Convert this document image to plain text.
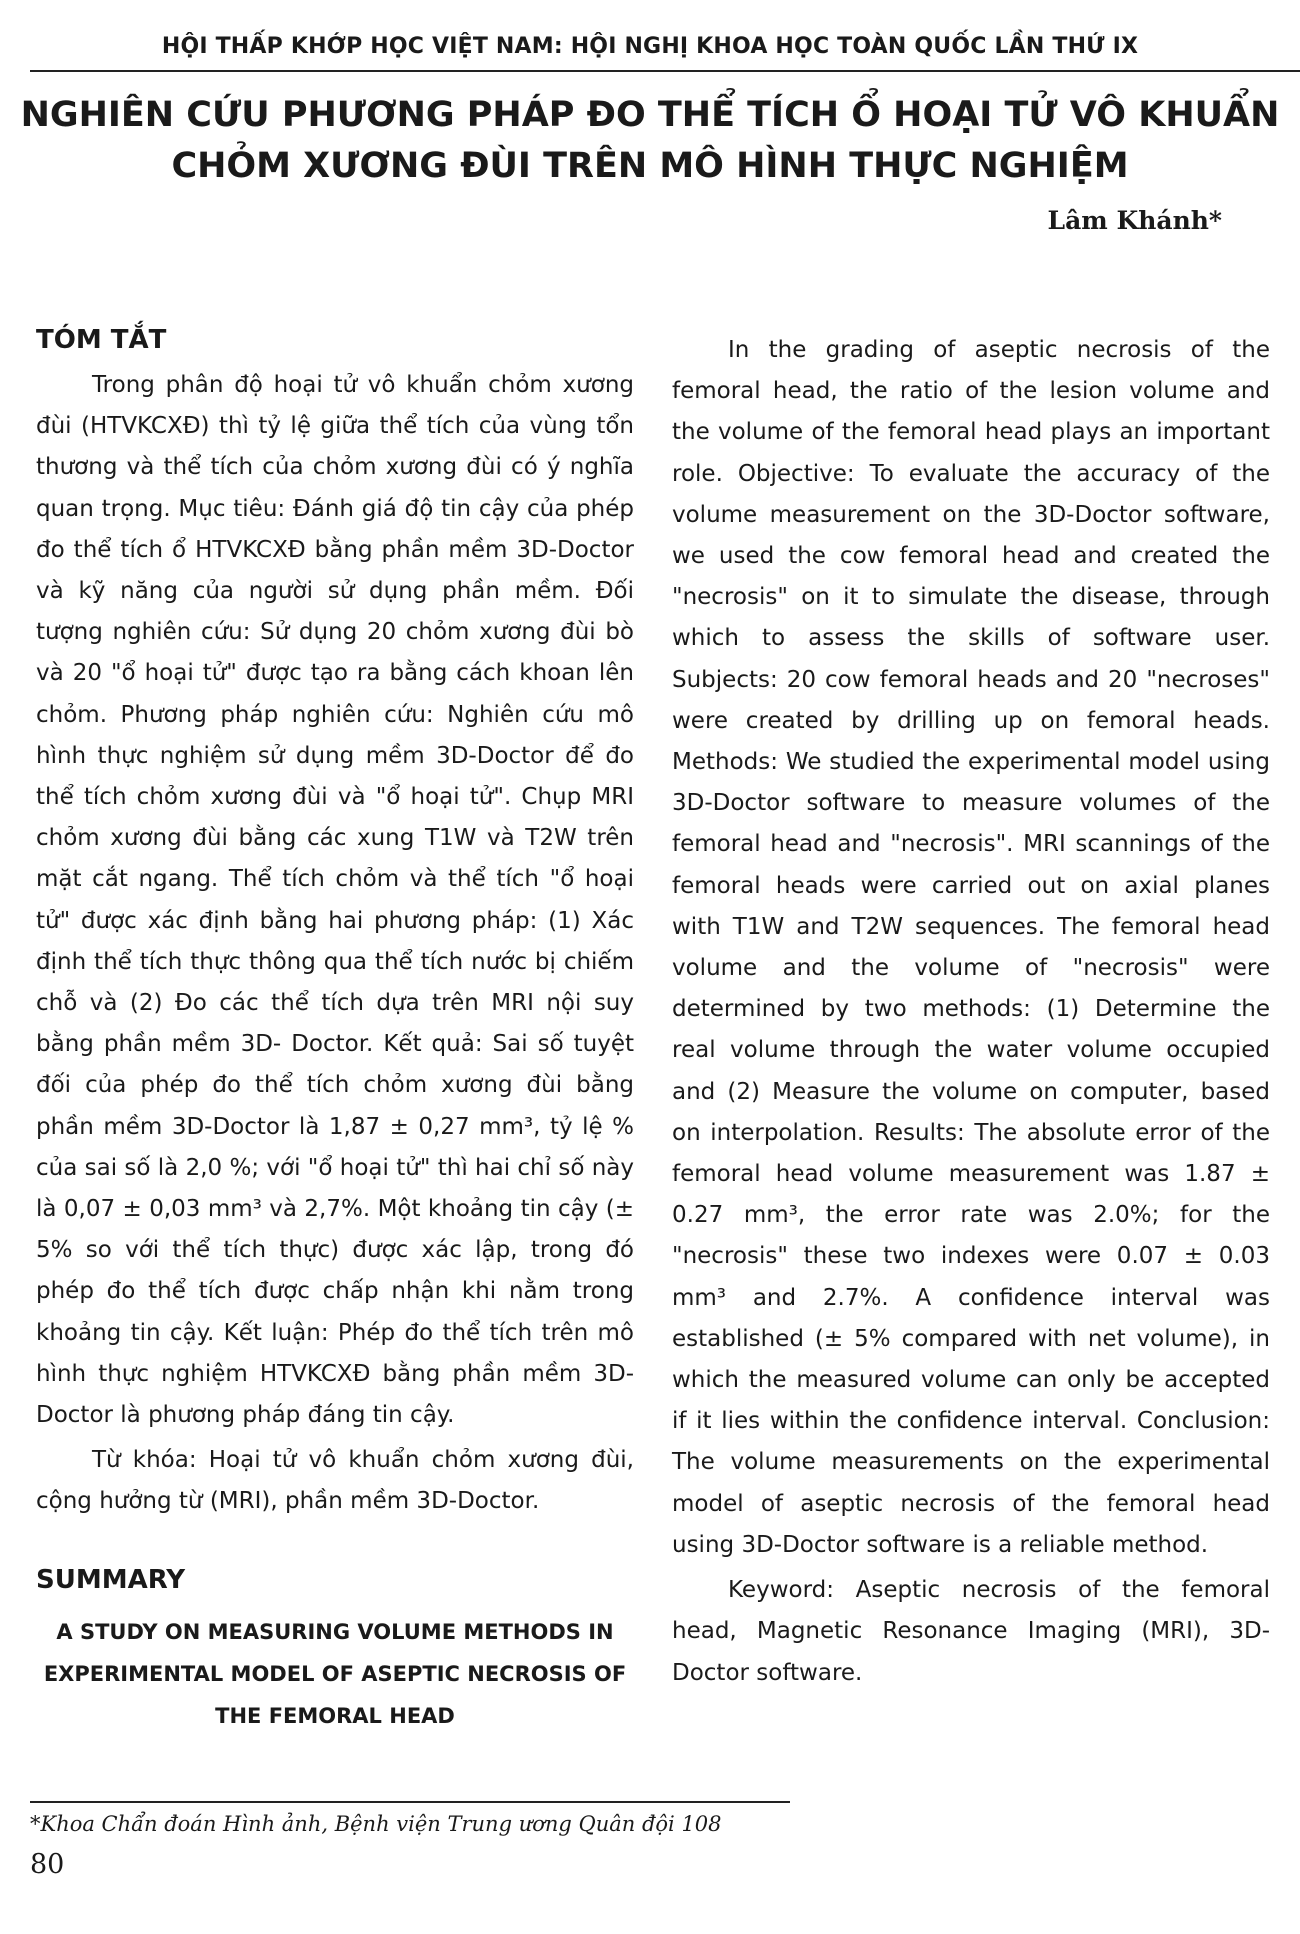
HỘI THẤP KHỚP HỌC VIỆT NAM: HỘI NGHỊ KHOA HỌC TOÀN QUỐC LẦN THỨ IX
NGHIÊN CỨU PHƯƠNG PHÁP ĐO THỂ TÍCH Ổ HOẠI TỬ VÔ KHUẨN
CHỎM XƯƠNG ĐÙI TRÊN MÔ HÌNH THỰC NGHIỆM
Lâm Khánh*
TÓM TẮT

Trong phân độ hoại tử vô khuẩn chỏm xương đùi (HTVKCXĐ) thì tỷ lệ giữa thể tích của vùng tổn thương và thể tích của chỏm xương đùi có ý nghĩa quan trọng. Mục tiêu: Đánh giá độ tin cậy của phép đo thể tích ổ HTVKCXĐ bằng phần mềm 3D-Doctor và kỹ năng của người sử dụng phần mềm. Đối tượng nghiên cứu: Sử dụng 20 chỏm xương đùi bò và 20 "ổ hoại tử" được tạo ra bằng cách khoan lên chỏm. Phương pháp nghiên cứu: Nghiên cứu mô hình thực nghiệm sử dụng mềm 3D-Doctor để đo thể tích chỏm xương đùi và "ổ hoại tử". Chụp MRI chỏm xương đùi bằng các xung T1W và T2W trên mặt cắt ngang. Thể tích chỏm và thể tích "ổ hoại tử" được xác định bằng hai phương pháp: (1) Xác định thể tích thực thông qua thể tích nước bị chiếm chỗ và (2) Đo các thể tích dựa trên MRI nội suy bằng phần mềm 3D- Doctor. Kết quả: Sai số tuyệt đối của phép đo thể tích chỏm xương đùi bằng phần mềm 3D-Doctor là 1,87 ± 0,27 mm³, tỷ lệ % của sai số là 2,0 %; với "ổ hoại tử" thì hai chỉ số này là 0,07 ± 0,03 mm³ và 2,7%. Một khoảng tin cậy (± 5% so với thể tích thực) được xác lập, trong đó phép đo thể tích được chấp nhận khi nằm trong khoảng tin cậy. Kết luận: Phép đo thể tích trên mô hình thực nghiệm HTVKCXĐ bằng phần mềm 3D-Doctor là phương pháp đáng tin cậy.

Từ khóa: Hoại tử vô khuẩn chỏm xương đùi, cộng hưởng từ (MRI), phần mềm 3D-Doctor.

SUMMARY
A STUDY ON MEASURING VOLUME METHODS IN EXPERIMENTAL MODEL OF ASEPTIC NECROSIS OF THE FEMORAL HEAD

In the grading of aseptic necrosis of the femoral head, the ratio of the lesion volume and the volume of the femoral head plays an important role. Objective: To evaluate the accuracy of the volume measurement on the 3D-Doctor software, we used the cow femoral head and created the "necrosis" on it to simulate the disease, through which to assess the skills of software user. Subjects: 20 cow femoral heads and 20 "necroses" were created by drilling up on femoral heads. Methods: We studied the experimental model using 3D-Doctor software to measure volumes of the femoral head and "necrosis". MRI scannings of the femoral heads were carried out on axial planes with T1W and T2W sequences. The femoral head volume and the volume of "necrosis" were determined by two methods: (1) Determine the real volume through the water volume occupied and (2) Measure the volume on computer, based on interpolation. Results: The absolute error of the femoral head volume measurement was 1.87 ± 0.27 mm³, the error rate was 2.0%; for the "necrosis" these two indexes were 0.07 ± 0.03 mm³ and 2.7%. A confidence interval was established (± 5% compared with net volume), in which the measured volume can only be accepted if it lies within the confidence interval. Conclusion: The volume measurements on the experimental model of aseptic necrosis of the femoral head using 3D-Doctor software is a reliable method.

Keyword: Aseptic necrosis of the femoral head, Magnetic Resonance Imaging (MRI), 3D-Doctor software.

*Khoa Chẩn đoán Hình ảnh, Bệnh viện Trung ương Quân đội 108
80
